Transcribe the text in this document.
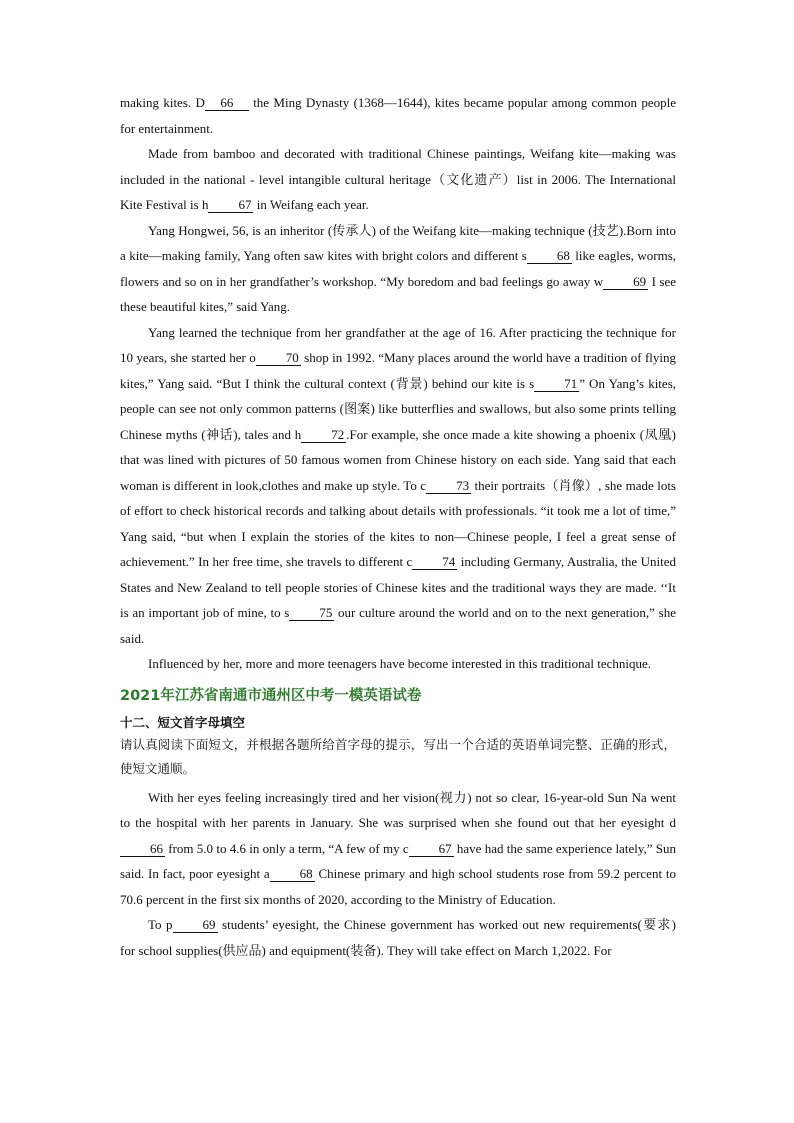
making kites. D 66 the Ming Dynasty (1368—1644), kites became popular among common people for entertainment.

Made from bamboo and decorated with traditional Chinese paintings, Weifang kite—making was included in the national - level intangible cultural heritage（文化遗产）list in 2006. The International Kite Festival is h 67 in Weifang each year.

Yang Hongwei, 56, is an inheritor (传承人) of the Weifang kite—making technique (技艺).Born into a kite—making family, Yang often saw kites with bright colors and different s 68 like eagles, worms, flowers and so on in her grandfather’s workshop. “My boredom and bad feelings go away w 69 I see these beautiful kites,” said Yang.

Yang learned the technique from her grandfather at the age of 16. After practicing the technique for 10 years, she started her o 70 shop in 1992. “Many places around the world have a tradition of flying kites,” Yang said. “But I think the cultural context (背景) behind our kite is s 71 ” On Yang’s kites, people can see not only common patterns (图案) like butterflies and swallows, but also some prints telling Chinese myths (神话), tales and h 72 .For example, she once made a kite showing a phoenix (凤凰) that was lined with pictures of 50 famous women from Chinese history on each side. Yang said that each woman is different in look,clothes and make up style. To c 73 their portraits（肖像）, she made lots of effort to check historical records and talking about details with professionals. “it took me a lot of time,” Yang said, “but when I explain the stories of the kites to non—Chinese people, I feel a great sense of achievement.” In her free time, she travels to different c 74 including Germany, Australia, the United States and New Zealand to tell people stories of Chinese kites and the traditional ways they are made. ‘‘It is an important job of mine, to s 75 our culture around the world and on to the next generation,” she said.

Influenced by her, more and more teenagers have become interested in this traditional technique.

2021年江苏省南通市通州区中考一模英语试卷
十二、短文首字母填空

请认真阅读下面短文，并根据各题所给首字母的提示，写出一个合适的英语单词完整、正确的形式，使短文通顺。

With her eyes feeling increasingly tired and her vision(视力) not so clear, 16-year-old Sun Na went to the hospital with her parents in January. She was surprised when she found out that her eyesight d66 from 5.0 to 4.6 in only a term, “A few of my c 67 have had the same experience lately,” Sun said. In fact, poor eyesight a 68 Chinese primary and high school students rose from 59.2 percent to 70.6 percent in the first six months of 2020, according to the Ministry of Education.

To p 69 students’ eyesight, the Chinese government has worked out new requirements(要求) for school supplies(供应品) and equipment(装备). They will take effect on March 1,2022. For
